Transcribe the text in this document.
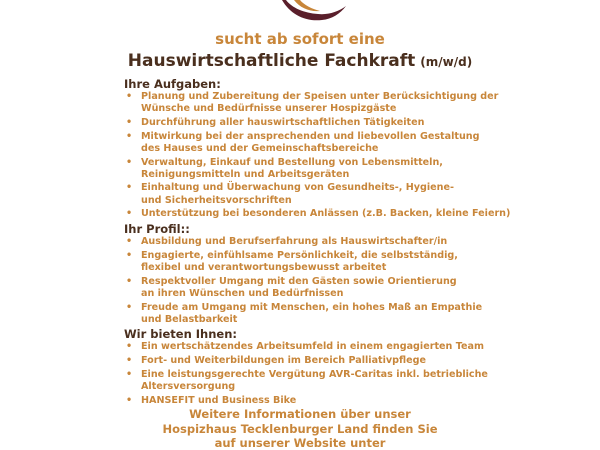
sucht ab sofort eine
Hauswirtschaftliche Fachkraft (m/w/d)
Ihre Aufgaben:
• Planung und Zubereitung der Speisen unter Berücksichtigung der
Wünsche und Bedürfnisse unserer Hospizgäste
• Durchführung aller hauswirtschaftlichen Tätigkeiten
• Mitwirkung bei der ansprechenden und liebevollen Gestaltung
des Hauses und der Gemeinschaftsbereiche
• Verwaltung, Einkauf und Bestellung von Lebensmitteln,
Reinigungsmitteln und Arbeitsgeräten
• Einhaltung und Überwachung von Gesundheits-, Hygiene-
und Sicherheitsvorschriften
• Unterstützung bei besonderen Anlässen (z.B. Backen, kleine Feiern)
Ihr Profil::
• Ausbildung und Berufserfahrung als Hauswirtschafter/in
• Engagierte, einfühlsame Persönlichkeit, die selbstständig,
flexibel und verantwortungsbewusst arbeitet
• Respektvoller Umgang mit den Gästen sowie Orientierung
an ihren Wünschen und Bedürfnissen
• Freude am Umgang mit Menschen, ein hohes Maß an Empathie
und Belastbarkeit
Wir bieten Ihnen:
• Ein wertschätzendes Arbeitsumfeld in einem engagierten Team
• Fort- und Weiterbildungen im Bereich Palliativpflege
• Eine leistungsgerechte Vergütung AVR-Caritas inkl. betriebliche
Altersversorgung
• HANSEFIT und Business Bike
Weitere Informationen über unser
Hospizhaus Tecklenburger Land finden Sie
auf unserer Website unter
